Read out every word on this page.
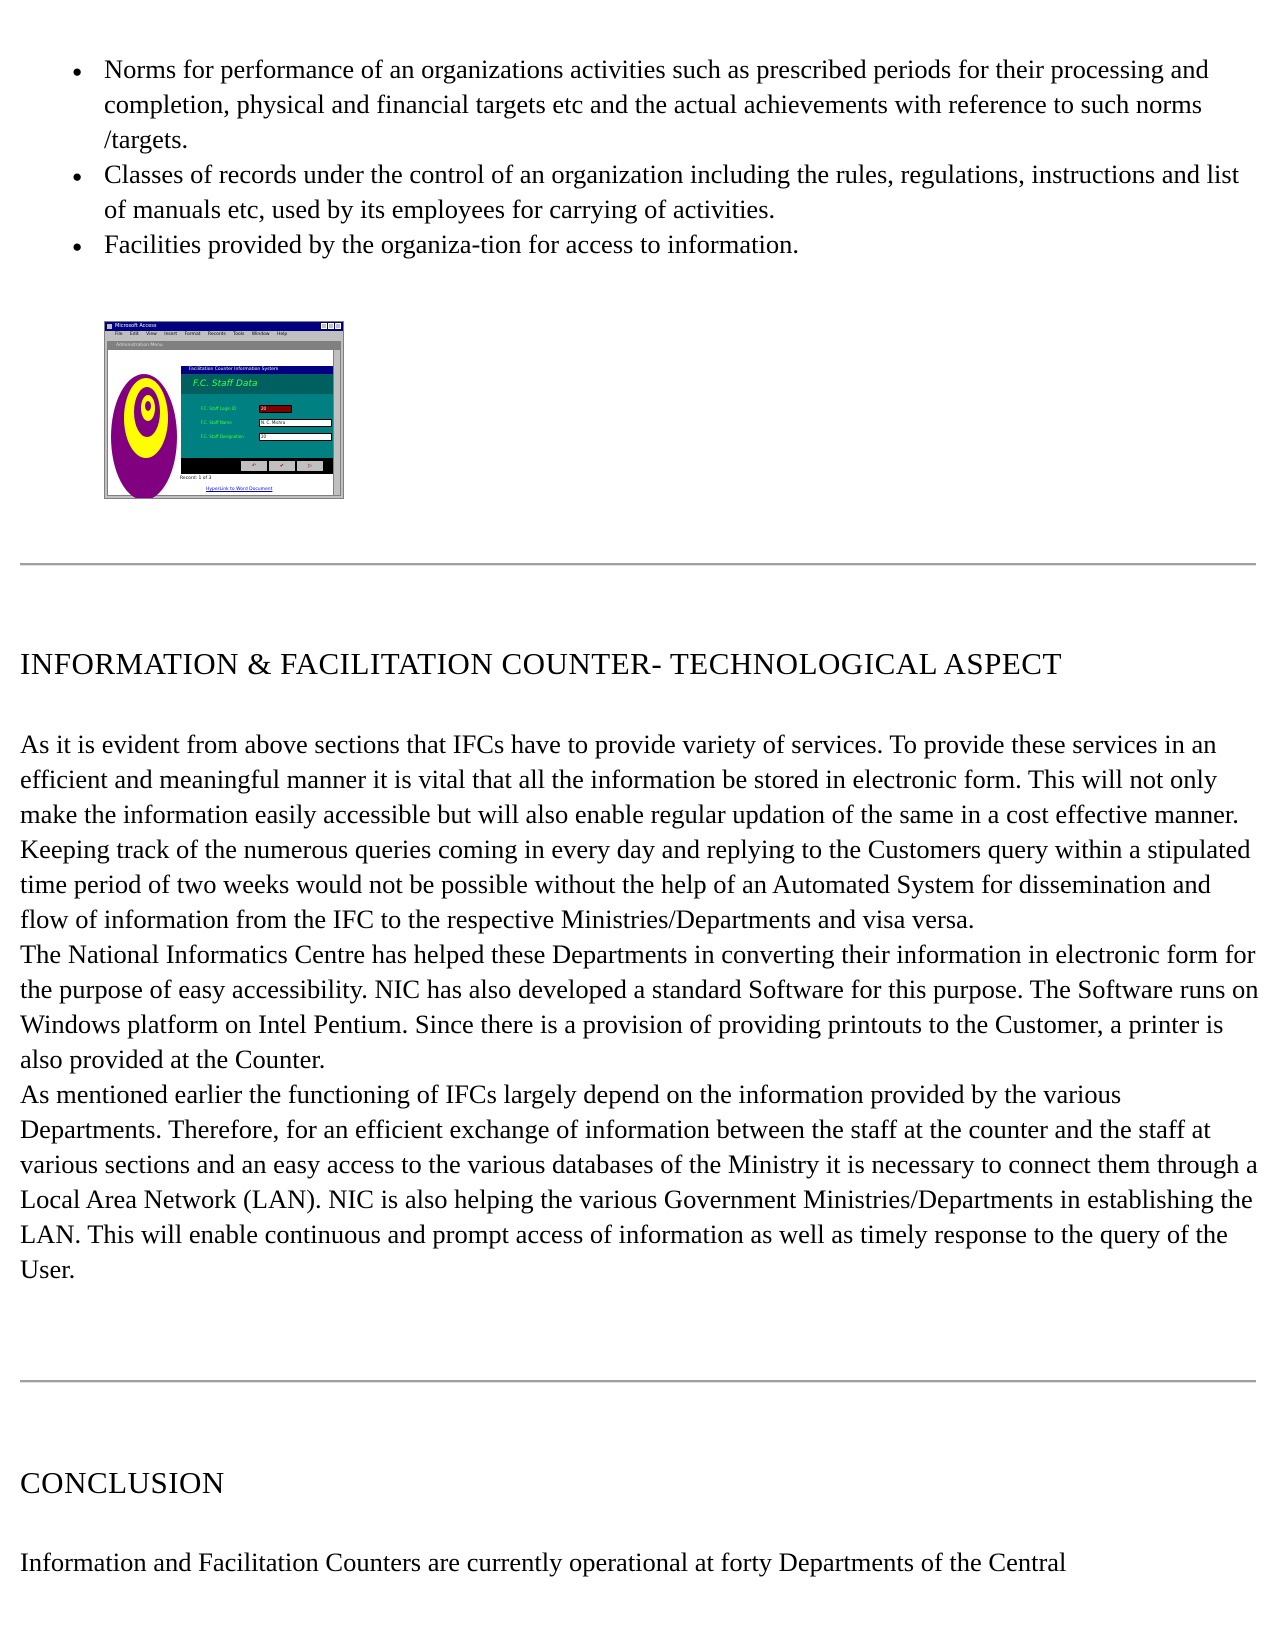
● Norms for performance of an organizations activities such as prescribed periods for their processing and completion, physical and financial targets etc and the actual achievements with reference to such norms /targets.
● Classes of records under the control of an organization including the rules, regulations, instructions and list of manuals etc, used by its employees for carrying of activities.
● Facilities provided by the organiza-tion for access to information.
Microsoft Access
File Edit View Insert Format Records Tools Window Help
Administration Menu
Facilitation Counter Information System
F.C. Staff Data
F.C. Staff Login ID	20
F.C. Staff Name	N. C. Mishra
F.C. Staff Designation	20
↶	✔	▷
Record: 1 of 3
HyperLink to Word Document
INFORMATION & FACILITATION COUNTER- TECHNOLOGICAL ASPECT

As it is evident from above sections that IFCs have to provide variety of services. To provide these services in an efficient and meaningful manner it is vital that all the information be stored in electronic form. This will not only make the information easily accessible but will also enable regular updation of the same in a cost effective manner. Keeping track of the numerous queries coming in every day and replying to the Customers query within a stipulated time period of two weeks would not be possible without the help of an Automated System for dissemination and flow of information from the IFC to the respective Ministries/Departments and visa versa.

The National Informatics Centre has helped these Departments in converting their information in electronic form for the purpose of easy accessibility. NIC has also developed a standard Software for this purpose. The Software runs on Windows platform on Intel Pentium. Since there is a provision of providing printouts to the Customer, a printer is also provided at the Counter.

As mentioned earlier the functioning of IFCs largely depend on the information provided by the various Departments. Therefore, for an efficient exchange of information between the staff at the counter and the staff at various sections and an easy access to the various databases of the Ministry it is necessary to connect them through a Local Area Network (LAN). NIC is also helping the various Government Ministries/Departments in establishing the LAN. This will enable continuous and prompt access of information as well as timely response to the query of the User.

CONCLUSION

Information and Facilitation Counters are currently operational at forty Departments of the Central
